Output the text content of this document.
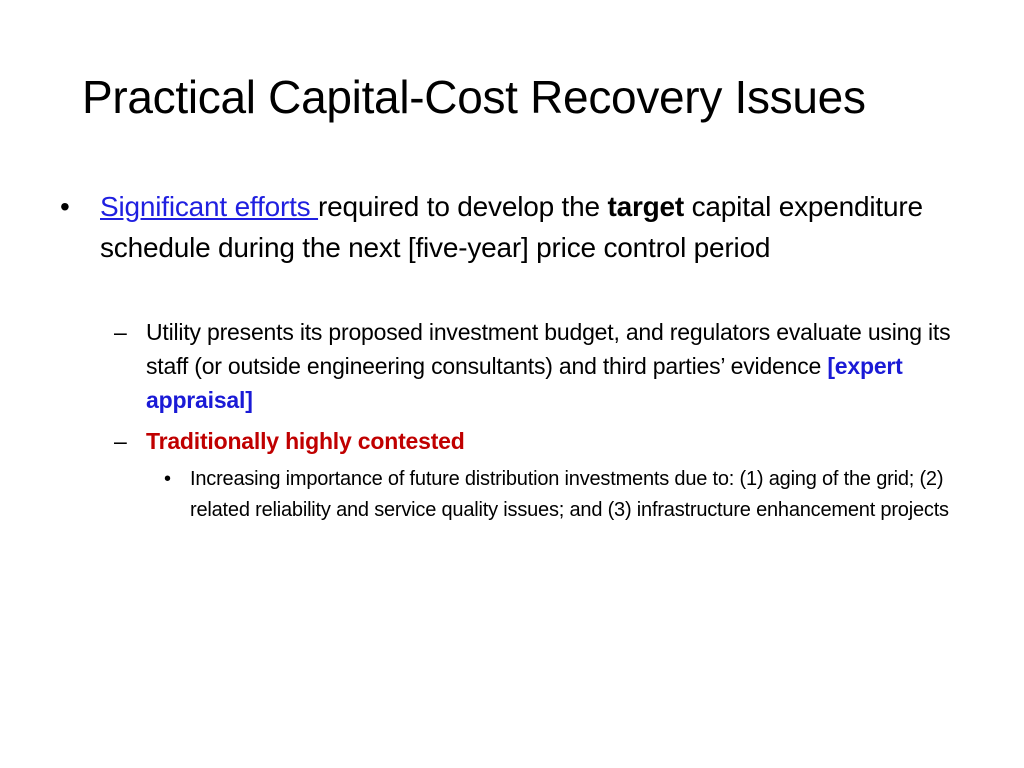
Practical Capital-Cost Recovery Issues
• Significant efforts required to develop the target capital expenditure schedule during the next [five-year] price control period
– Utility presents its proposed investment budget, and regulators evaluate using its staff (or outside engineering consultants) and third parties’ evidence [expert appraisal]
– Traditionally highly contested
• Increasing importance of future distribution investments due to: (1) aging of the grid; (2) related reliability and service quality issues; and (3) infrastructure enhancement projects
